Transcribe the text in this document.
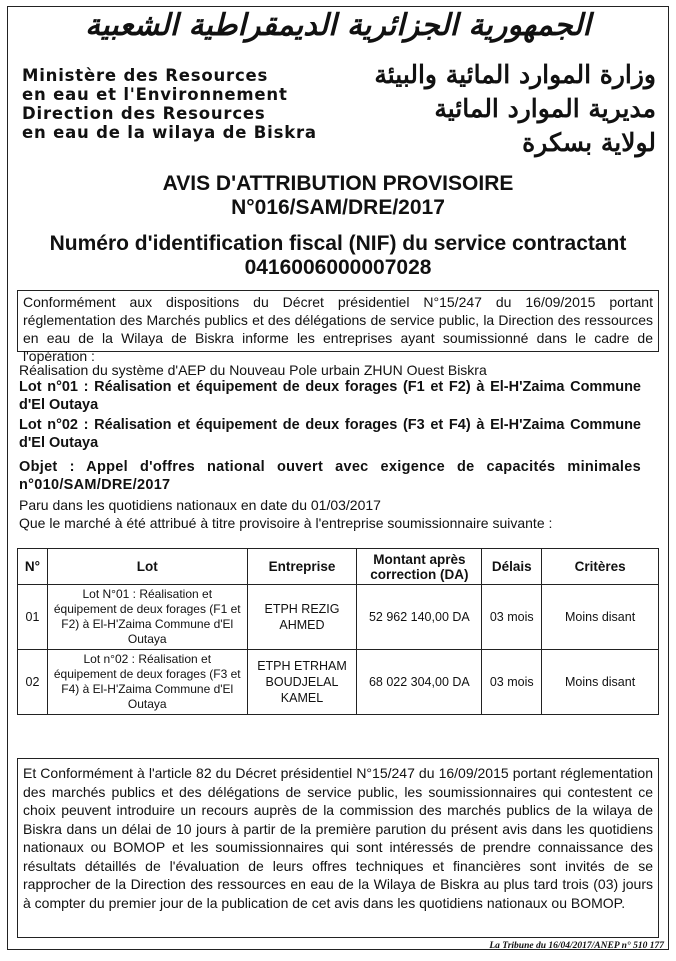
الجمهورية الجزائرية الديمقراطية الشعبية
Ministère des Resources
en eau et l'Environnement
Direction des Resources
en eau de la wilaya de Biskra
وزارة الموارد المائية والبيئة
مديرية الموارد المائية
لولاية بسكرة
AVIS D'ATTRIBUTION PROVISOIRE
N°016/SAM/DRE/2017
Numéro d'identification fiscal (NIF) du service contractant
0416006000007028
Conformément aux dispositions du Décret présidentiel N°15/247 du 16/09/2015 portant réglementation des Marchés publics et des délégations de service public, la Direction des ressources en eau de la Wilaya de Biskra informe les entreprises ayant soumissionné dans le cadre de l'opération :
Réalisation du système d'AEP du Nouveau Pole urbain ZHUN Ouest Biskra
Lot n°01 : Réalisation et équipement de deux forages (F1 et F2) à El-H'Zaima Commune d'El Outaya
Lot n°02 : Réalisation et équipement de deux forages (F3 et F4) à El-H'Zaima Commune d'El Outaya
Objet : Appel d'offres national ouvert avec exigence de capacités minimales n°010/SAM/DRE/2017
Paru dans les quotidiens nationaux en date du 01/03/2017
Que le marché à été attribué à titre provisoire à l'entreprise soumissionnaire suivante :
N°	Lot	Entreprise	Montant après correction (DA)	Délais	Critères
01	Lot N°01 : Réalisation et équipement de deux forages (F1 et F2) à El-H'Zaima Commune d'El Outaya	ETPH REZIG AHMED	52 962 140,00 DA	03 mois	Moins disant
02	Lot n°02 : Réalisation et équipement de deux forages (F3 et F4) à El-H'Zaima Commune d'El Outaya	ETPH ETRHAM BOUDJELAL KAMEL	68 022 304,00 DA	03 mois	Moins disant
Et Conformément à l'article 82 du Décret présidentiel N°15/247 du 16/09/2015 portant réglementation des marchés publics et des délégations de service public, les soumissionnaires qui contestent ce choix peuvent introduire un recours auprès de la commission des marchés publics de la wilaya de Biskra dans un délai de 10 jours à partir de la première parution du présent avis dans les quotidiens nationaux ou BOMOP et les soumissionnaires qui sont intéressés de prendre connaissance des résultats détaillés de l'évaluation de leurs offres techniques et financières sont invités de se rapprocher de la Direction des ressources en eau de la Wilaya de Biskra au plus tard trois (03) jours à compter du premier jour de la publication de cet avis dans les quotidiens nationaux ou BOMOP.
La Tribune du 16/04/2017/ANEP n° 510 177
